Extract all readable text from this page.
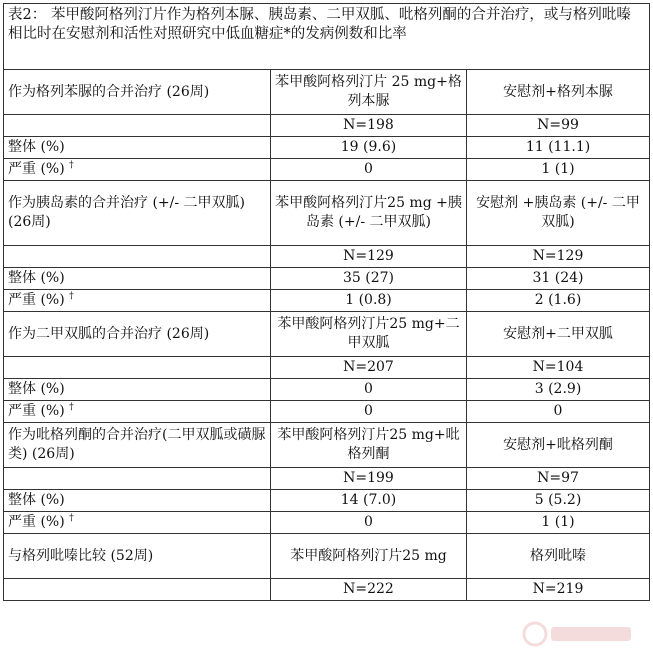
表2： 苯甲酸阿格列汀片作为格列本脲、胰岛素、二甲双胍、吡格列酮的合并治疗，或与格列吡嗪相比时在安慰剂和活性对照研究中低血糖症*的发病例数和比率		
作为格列苯脲的合并治疗 (26周)	苯甲酸阿格列汀片 25 mg+格列本脲	安慰剂+格列本脲
	N=198	N=99
整体 (%)	19 (9.6)	11 (11.1)
严重 (%) †	0	1 (1)
作为胰岛素的合并治疗 (+/- 二甲双胍) (26周)	苯甲酸阿格列汀片25 mg +胰岛素 (+/- 二甲双胍)	安慰剂 +胰岛素 (+/- 二甲双胍)
	N=129	N=129
整体 (%)	35 (27)	31 (24)
严重 (%) †	1 (0.8)	2 (1.6)
作为二甲双胍的合并治疗 (26周)	苯甲酸阿格列汀片25 mg+二甲双胍	安慰剂+二甲双胍
	N=207	N=104
整体 (%)	0	3 (2.9)
严重 (%) †	0	0
作为吡格列酮的合并治疗(二甲双胍或磺脲类) (26周)	苯甲酸阿格列汀片25 mg+吡格列酮	安慰剂+吡格列酮
	N=199	N=97
整体 (%)	14 (7.0)	5 (5.2)
严重 (%) †	0	1 (1)
与格列吡嗪比较 (52周)	苯甲酸阿格列汀片25 mg	格列吡嗪
	N=222	N=219
